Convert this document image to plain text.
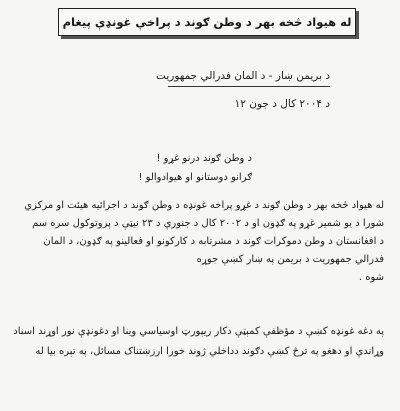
له هیواد څخه بهر د وطن ګوند د پراخې غونډې پیغام
د بریمن ښار - د المان فدرالي جمهوریت
د ۲۰۰۴ کال د جون ۱۲
د وطن ګوند درنو غړو !
ګرانو دوستانو او هیوادوالو !
له هیواد څخه بهر د وطن ګوند د غړو پراخه غونډه د وطن ګوند د اجرائیه هیئت او مرکزي
شورا د یو شمیر غړو په ګډون او د ۲۰۰۲ کال د جنورې د ۲۳ نیټې د پروتوکول سره سم
د افغانستان د وطن دموکرات ګوند د مشرتابه د کارکونو او فعالینو په ګډون، د المان
فدرالي جمهوریت د بریمن په ښار کښې جوړه
شوه .
په دغه غونډه کښې د مؤظفې کمېټې دکار ریپورټ اوسیاسي وینا او دغونډې نور اوړند اسناد
وړاندې او دهغو په ترڅ کښې دګوند دداخلي ژوند خورا ارزښتناک مسائل، په تېره بیا له
